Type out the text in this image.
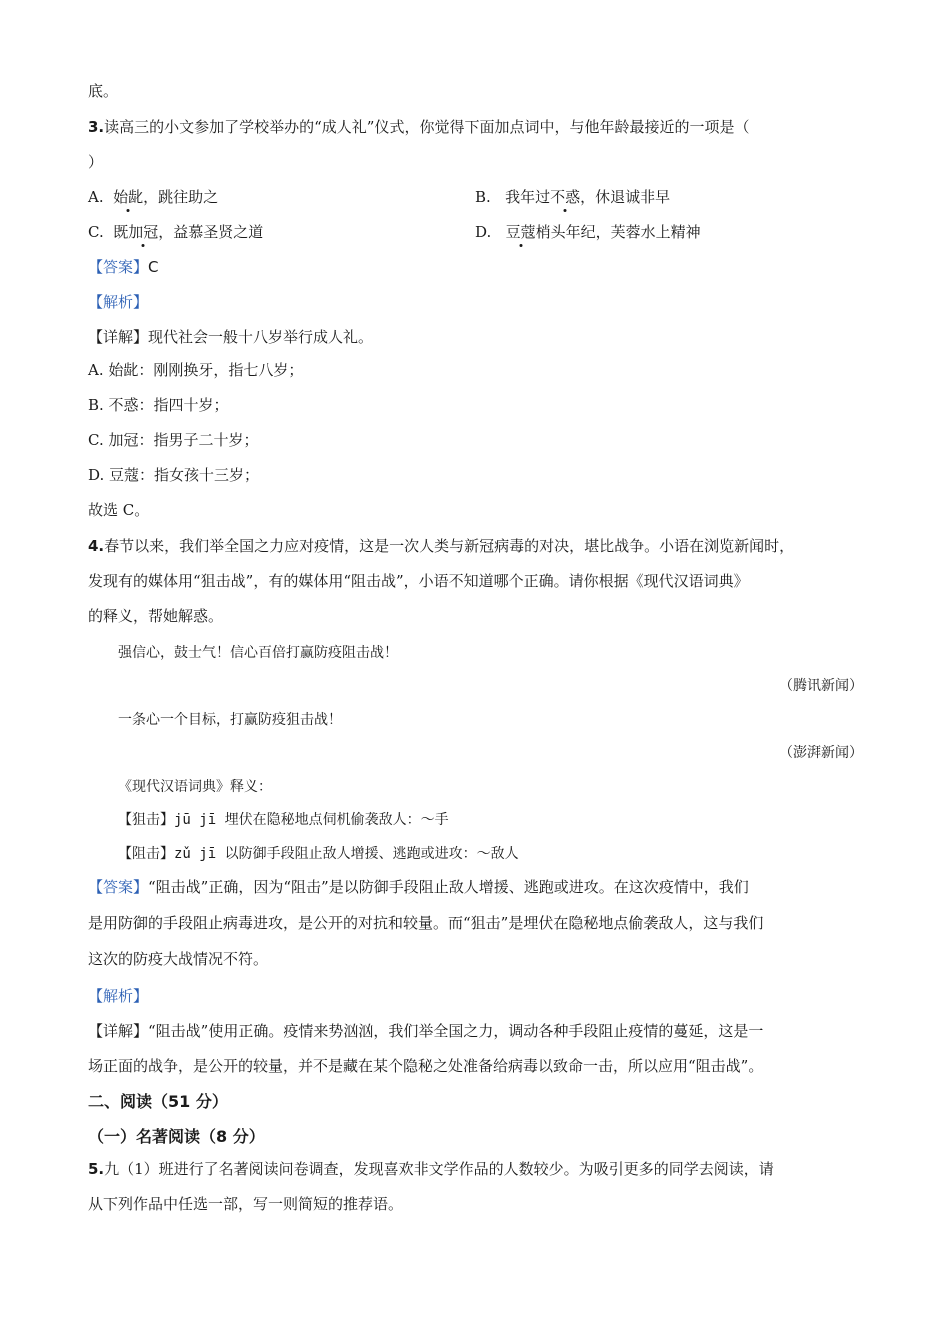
底。
3.读高三的小文参加了学校举办的“成人礼”仪式，你觉得下面加点词中，与他年龄最接近的一项是（
）
A. 始龀，跳往助之	B. 我年过不惑，休退诚非早
C. 既加冠，益慕圣贤之道	D. 豆蔻梢头年纪，芙蓉水上精神
【答案】C
【解析】
【详解】现代社会一般十八岁举行成人礼。
A. 始龀：刚刚换牙，指七八岁；
B. 不惑：指四十岁；
C. 加冠：指男子二十岁；
D. 豆蔻：指女孩十三岁；
故选 C。
4.春节以来，我们举全国之力应对疫情，这是一次人类与新冠病毒的对决，堪比战争。小语在浏览新闻时，
发现有的媒体用“狙击战”，有的媒体用“阻击战”，小语不知道哪个正确。请你根据《现代汉语词典》
的释义，帮她解惑。
强信心，鼓士气！信心百倍打赢防疫阻击战！
（腾讯新闻）
一条心一个目标，打赢防疫狙击战！
（澎湃新闻）
《现代汉语词典》释义：
【狙击】jū jī 埋伏在隐秘地点伺机偷袭敌人：～手
【阻击】zǔ jī 以防御手段阻止敌人增援、逃跑或进攻：～敌人
【答案】“阻击战”正确，因为“阻击”是以防御手段阻止敌人增援、逃跑或进攻。在这次疫情中，我们
是用防御的手段阻止病毒进攻，是公开的对抗和较量。而“狙击”是埋伏在隐秘地点偷袭敌人，这与我们
这次的防疫大战情况不符。
【解析】
【详解】“阻击战”使用正确。疫情来势汹汹，我们举全国之力，调动各种手段阻止疫情的蔓延，这是一
场正面的战争，是公开的较量，并不是藏在某个隐秘之处准备给病毒以致命一击，所以应用“阻击战”。
二、阅读（51 分）
（一）名著阅读（8 分）
5.九（1）班进行了名著阅读问卷调查，发现喜欢非文学作品的人数较少。为吸引更多的同学去阅读，请
从下列作品中任选一部，写一则简短的推荐语。
